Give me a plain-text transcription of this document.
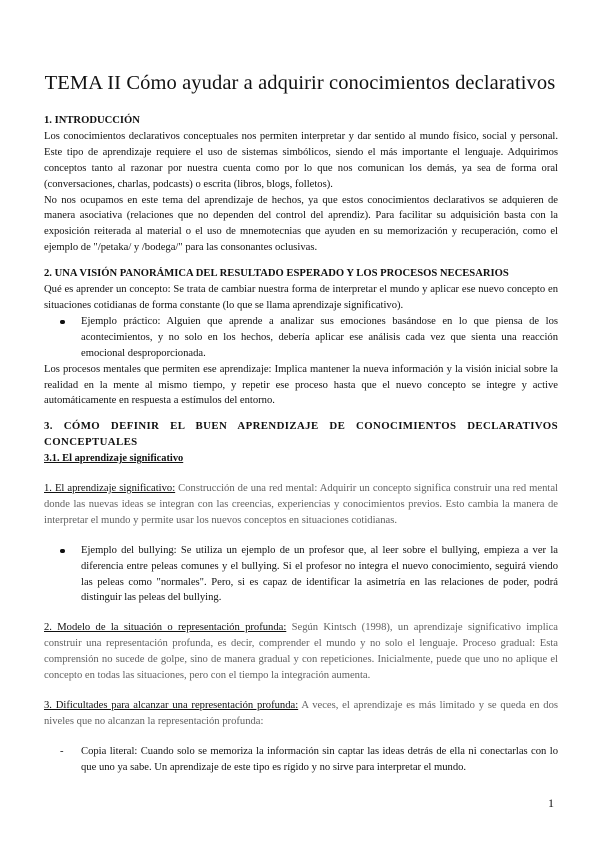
TEMA II Cómo ayudar a adquirir conocimientos declarativos
1. INTRODUCCIÓN

Los conocimientos declarativos conceptuales nos permiten interpretar y dar sentido al mundo físico, social y personal. Este tipo de aprendizaje requiere el uso de sistemas simbólicos, siendo el más importante el lenguaje. Adquirimos conceptos tanto al razonar por nuestra cuenta como por lo que nos comunican los demás, ya sea de forma oral (conversaciones, charlas, podcasts) o escrita (libros, blogs, folletos).

No nos ocupamos en este tema del aprendizaje de hechos, ya que estos conocimientos declarativos se adquieren de manera asociativa (relaciones que no dependen del control del aprendiz). Para facilitar su adquisición basta con la exposición reiterada al material o el uso de mnemotecnias que ayuden en su memorización y recuperación, como el ejemplo de "/petaka/ y /bodega/" para las consonantes oclusivas.

2. UNA VISIÓN PANORÁMICA DEL RESULTADO ESPERADO Y LOS PROCESOS NECESARIOS

Qué es aprender un concepto: Se trata de cambiar nuestra forma de interpretar el mundo y aplicar ese nuevo concepto en situaciones cotidianas de forma constante (lo que se llama aprendizaje significativo).

Ejemplo práctico: Alguien que aprende a analizar sus emociones basándose en lo que piensa de los acontecimientos, y no solo en los hechos, debería aplicar ese análisis cada vez que sienta una reacción emocional desproporcionada.

Los procesos mentales que permiten ese aprendizaje: Implica mantener la nueva información y la visión inicial sobre la realidad en la mente al mismo tiempo, y repetir ese proceso hasta que el nuevo concepto se integre y active automáticamente en respuesta a estímulos del entorno.

3. CÓMO DEFINIR EL BUEN APRENDIZAJE DE CONOCIMIENTOS DECLARATIVOS CONCEPTUALES
3.1. El aprendizaje significativo

1. El aprendizaje significativo: Construcción de una red mental: Adquirir un concepto significa construir una red mental donde las nuevas ideas se integran con las creencias, experiencias y conocimientos previos. Esto cambia la manera de interpretar el mundo y permite usar los nuevos conceptos en situaciones cotidianas.

Ejemplo del bullying: Se utiliza un ejemplo de un profesor que, al leer sobre el bullying, empieza a ver la diferencia entre peleas comunes y el bullying. Si el profesor no integra el nuevo conocimiento, seguirá viendo las peleas como "normales". Pero, si es capaz de identificar la asimetría en las relaciones de poder, podrá distinguir las peleas del bullying.

2. Modelo de la situación o representación profunda: Según Kintsch (1998), un aprendizaje significativo implica construir una representación profunda, es decir, comprender el mundo y no solo el lenguaje. Proceso gradual: Esta comprensión no sucede de golpe, sino de manera gradual y con repeticiones. Inicialmente, puede que uno no aplique el concepto en todas las situaciones, pero con el tiempo la integración aumenta.

3. Dificultades para alcanzar una representación profunda: A veces, el aprendizaje es más limitado y se queda en dos niveles que no alcanzan la representación profunda:

- Copia literal: Cuando solo se memoriza la información sin captar las ideas detrás de ella ni conectarlas con lo que uno ya sabe. Un aprendizaje de este tipo es rígido y no sirve para interpretar el mundo.
1
